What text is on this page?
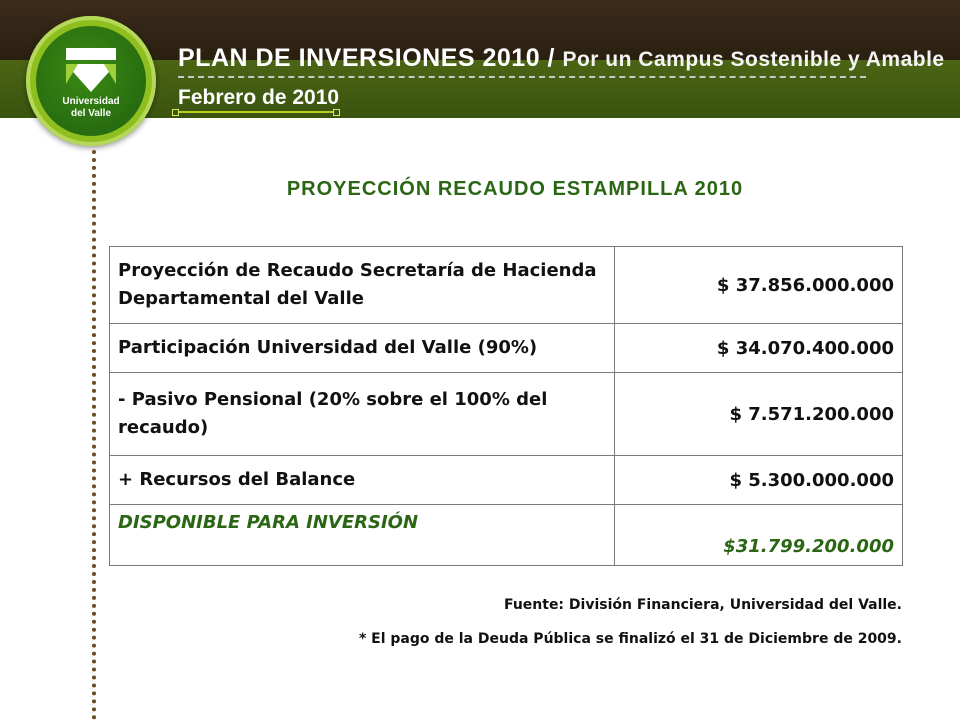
PLAN DE INVERSIONES 2010 / Por un Campus Sostenible y Amable
Febrero de 2010
Universidad
del Valle
PROYECCIÓN RECAUDO ESTAMPILLA 2010
Proyección de Recaudo Secretaría de Hacienda Departamental del Valle	$ 37.856.000.000
Participación Universidad del Valle (90%)	$ 34.070.400.000
- Pasivo Pensional (20% sobre el 100% del recaudo)	$ 7.571.200.000
+ Recursos del Balance	$ 5.300.000.000
DISPONIBLE PARA INVERSIÓN	$31.799.200.000
Fuente: División Financiera, Universidad del Valle.
* El pago de la Deuda Pública se finalizó el 31 de Diciembre de 2009.
